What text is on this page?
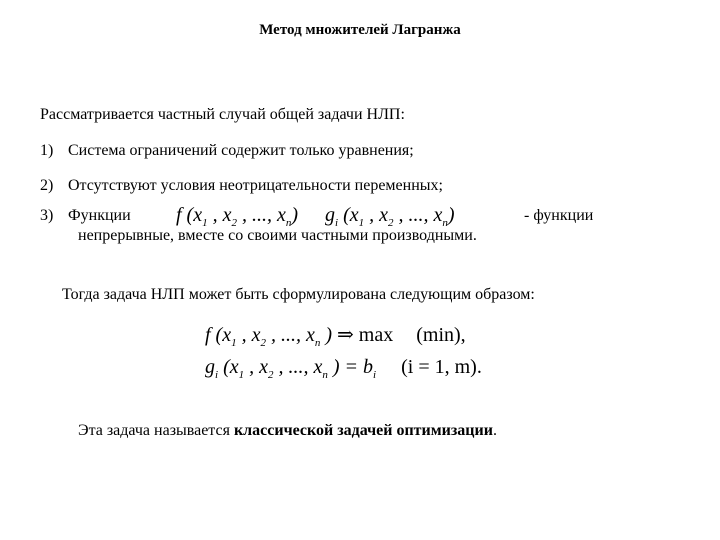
Метод множителей Лагранжа
Рассматривается частный случай общей задачи НЛП:
1) Система ограничений содержит только уравнения;
2) Отсутствуют условия неотрицательности переменных;
3) Функции f ($x_1$ , $x_2$ , ..., $x_n$) $g_i$ ($x_1$ , $x_2$ , ..., $x_n$)	- функции
непрерывные, вместе со своими частными производными.
Тогда задача НЛП может быть сформулирована следующим образом:
f ($x_1$ , $x_2$ , ..., $x_n$ ) ⇒ max (min),
$g_i$ ($x_1$ , $x_2$ , ..., $x_n$ ) = $b_i$ (i = 1, m).
Эта задача называется классической задачей оптимизации.
